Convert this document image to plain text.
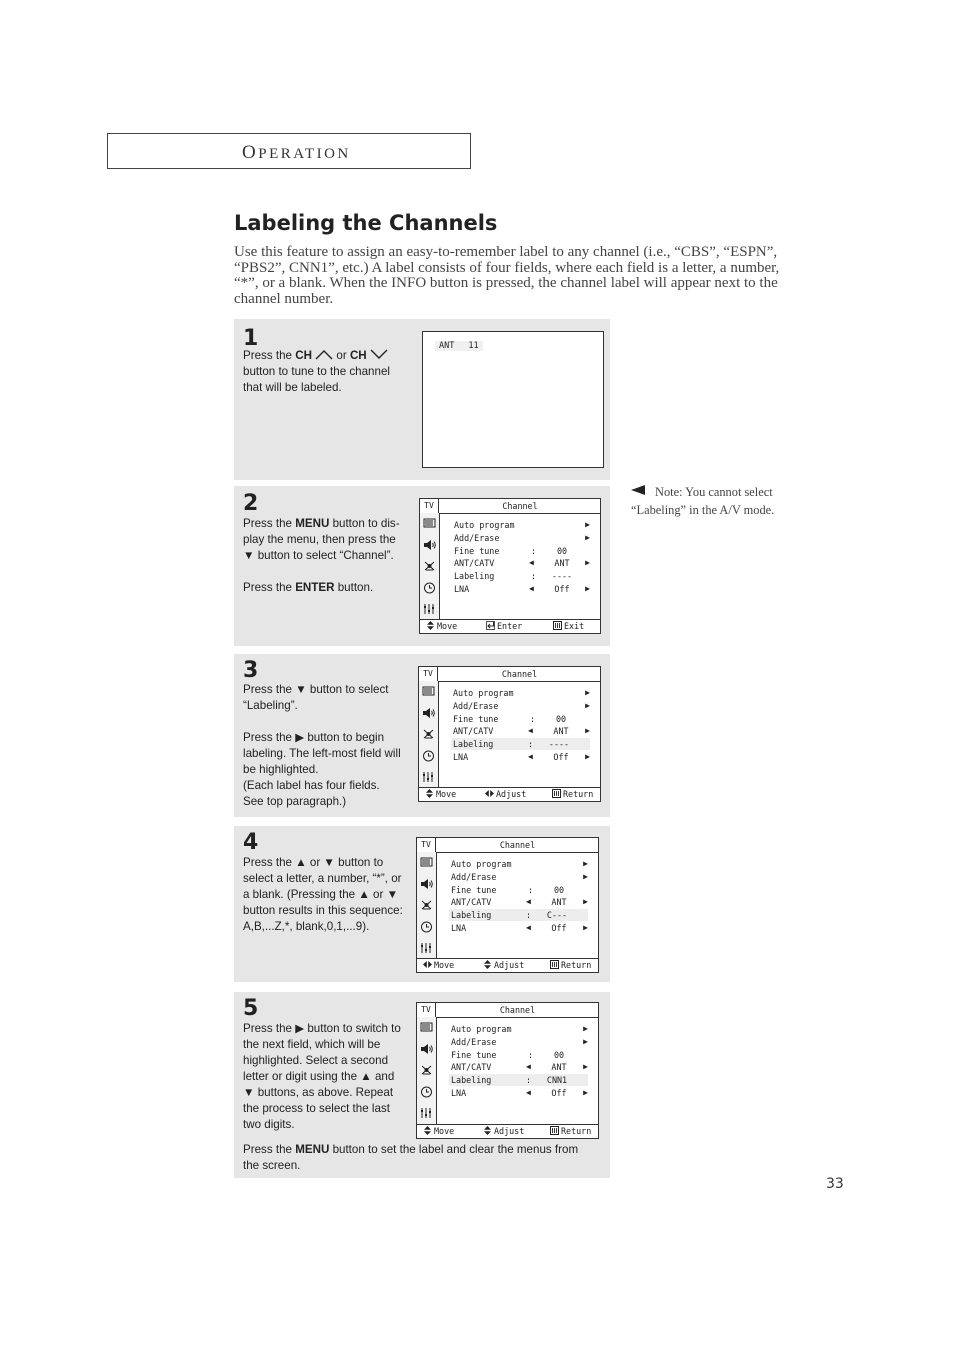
OPERATION
Labeling the Channels
Use this feature to assign an easy-to-remember label to any channel (i.e., “CBS”, “ESPN”, “PBS2”, CNN1”, etc.) A label consists of four fields, where each field is a letter, a number, “*”, or a blank. When the INFO button is pressed, the channel label will appear next to the channel number.
1
Press the CH  or CH
button to tune to the channel
that will be labeled.
ANT 11
2
Press the MENU button to dis-
play the menu, then press the
▼ button to select “Channel”.

Press the ENTER button.
TV	Channel
Auto program	▶
Add/Erase	▶
Fine tune	:	00
ANT/CATV	◀	ANT	▶
Labeling	:	----
LNA	◀	Off	▶
Move	Enter	Exit
3
Press the ▼ button to select
“Labeling”.

Press the ▶ button to begin
labeling. The left-most field will
be highlighted.
(Each label has four fields.
See top paragraph.)
TV	Channel
Auto program	▶
Add/Erase	▶
Fine tune	:	00
ANT/CATV	◀	ANT	▶
Labeling	:	----
LNA	◀	Off	▶
Move	Adjust	Return
4
Press the ▲ or ▼ button to
select a letter, a number, “*”, or
a blank. (Pressing the ▲ or ▼
button results in this sequence:
A,B,...Z,*, blank,0,1,...9).
TV	Channel
Auto program	▶
Add/Erase	▶
Fine tune	:	00
ANT/CATV	◀	ANT	▶
Labeling	:	C---
LNA	◀	Off	▶
Move	Adjust	Return
5
Press the ▶ button to switch to
the next field, which will be
highlighted. Select a second
letter or digit using the ▲ and
▼ buttons, as above. Repeat
the process to select the last
two digits.
Press the MENU button to set the label and clear the menus from
the screen.
TV	Channel
Auto program	▶
Add/Erase	▶
Fine tune	:	00
ANT/CATV	◀	ANT	▶
Labeling	:	CNN1
LNA	◀	Off	▶
Move	Adjust	Return
Note: You cannot select “Labeling” in the A/V mode.
33
